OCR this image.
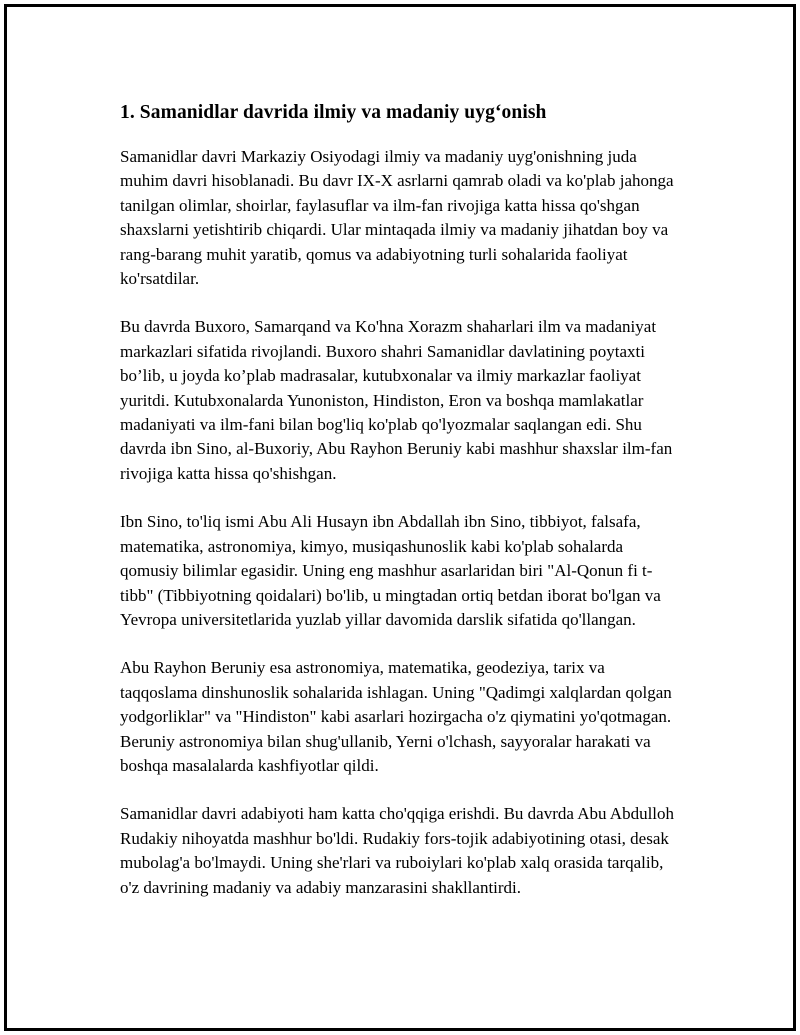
1. Samanidlar davrida ilmiy va madaniy uyg‘onish

Samanidlar davri Markaziy Osiyodagi ilmiy va madaniy uyg'onishning juda muhim davri hisoblanadi. Bu davr IX-X asrlarni qamrab oladi va ko'plab jahonga tanilgan olimlar, shoirlar, faylasuflar va ilm-fan rivojiga katta hissa qo'shgan shaxslarni yetishtirib chiqardi. Ular mintaqada ilmiy va madaniy jihatdan boy va rang-barang muhit yaratib, qomus va adabiyotning turli sohalarida faoliyat ko'rsatdilar.

Bu davrda Buxoro, Samarqand va Ko'hna Xorazm shaharlari ilm va madaniyat markazlari sifatida rivojlandi. Buxoro shahri Samanidlar davlatining poytaxti bo’lib, u joyda ko’plab madrasalar, kutubxonalar va ilmiy markazlar faoliyat yuritdi. Kutubxonalarda Yunoniston, Hindiston, Eron va boshqa mamlakatlar madaniyati va ilm-fani bilan bog'liq ko'plab qo'lyozmalar saqlangan edi. Shu davrda ibn Sino, al-Buxoriy, Abu Rayhon Beruniy kabi mashhur shaxslar ilm-fan rivojiga katta hissa qo'shishgan.

Ibn Sino, to'liq ismi Abu Ali Husayn ibn Abdallah ibn Sino, tibbiyot, falsafa, matematika, astronomiya, kimyo, musiqashunoslik kabi ko'plab sohalarda qomusiy bilimlar egasidir. Uning eng mashhur asarlaridan biri "Al-Qonun fi t-tibb" (Tibbiyotning qoidalari) bo'lib, u mingtadan ortiq betdan iborat bo'lgan va Yevropa universitetlarida yuzlab yillar davomida darslik sifatida qo'llangan.

Abu Rayhon Beruniy esa astronomiya, matematika, geodeziya, tarix va taqqoslama dinshunoslik sohalarida ishlagan. Uning "Qadimgi xalqlardan qolgan yodgorliklar" va "Hindiston" kabi asarlari hozirgacha o'z qiymatini yo'qotmagan. Beruniy astronomiya bilan shug'ullanib, Yerni o'lchash, sayyoralar harakati va boshqa masalalarda kashfiyotlar qildi.

Samanidlar davri adabiyoti ham katta cho'qqiga erishdi. Bu davrda Abu Abdulloh Rudakiy nihoyatda mashhur bo'ldi. Rudakiy fors-tojik adabiyotining otasi, desak mubolag'a bo'lmaydi. Uning she'rlari va ruboiylari ko'plab xalq orasida tarqalib, o'z davrining madaniy va adabiy manzarasini shakllantirdi.
